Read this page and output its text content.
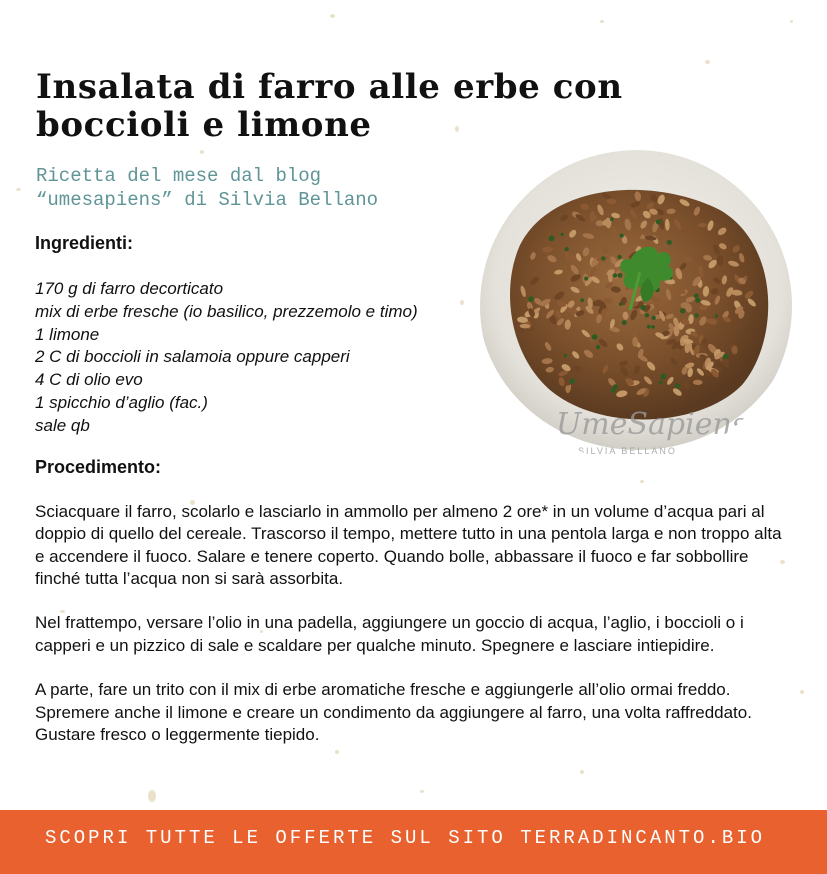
Insalata di farro alle erbe con boccioli e limone
Ricetta del mese dal blog “umesapiens” di Silvia Bellano
Ingredienti:
170 g di farro decorticato
mix di erbe fresche (io basilico, prezzemolo e timo)
1 limone
2 C di boccioli in salamoia oppure capperi
4 C di olio evo
1 spicchio d’aglio (fac.)
sale qb
Procedimento:

Sciacquare il farro, scolarlo e lasciarlo in ammollo per almeno 2 ore* in un volume d’acqua pari al doppio di quello del cereale. Trascorso il tempo, mettere tutto in una pentola larga e non troppo alta e accendere il fuoco. Salare e tenere coperto. Quando bolle, abbassare il fuoco e far sobbollire finché tutta l’acqua non si sarà assorbita.

Nel frattempo, versare l’olio in una padella, aggiungere un goccio di acqua, l’aglio, i boccioli o i capperi e un pizzico di sale e scaldare per qualche minuto. Spegnere e lasciare intiepidire.

A parte, fare un trito con il mix di erbe aromatiche fresche e aggiungerle all’olio ormai freddo. Spremere anche il limone e creare un condimento da aggiungere al farro, una volta raffreddato. Gustare fresco o leggermente tiepido.

UmeSapiens
SILVIA BELLANO
SCOPRI TUTTE LE OFFERTE SUL SITO TERRADINCANTO.BIO
